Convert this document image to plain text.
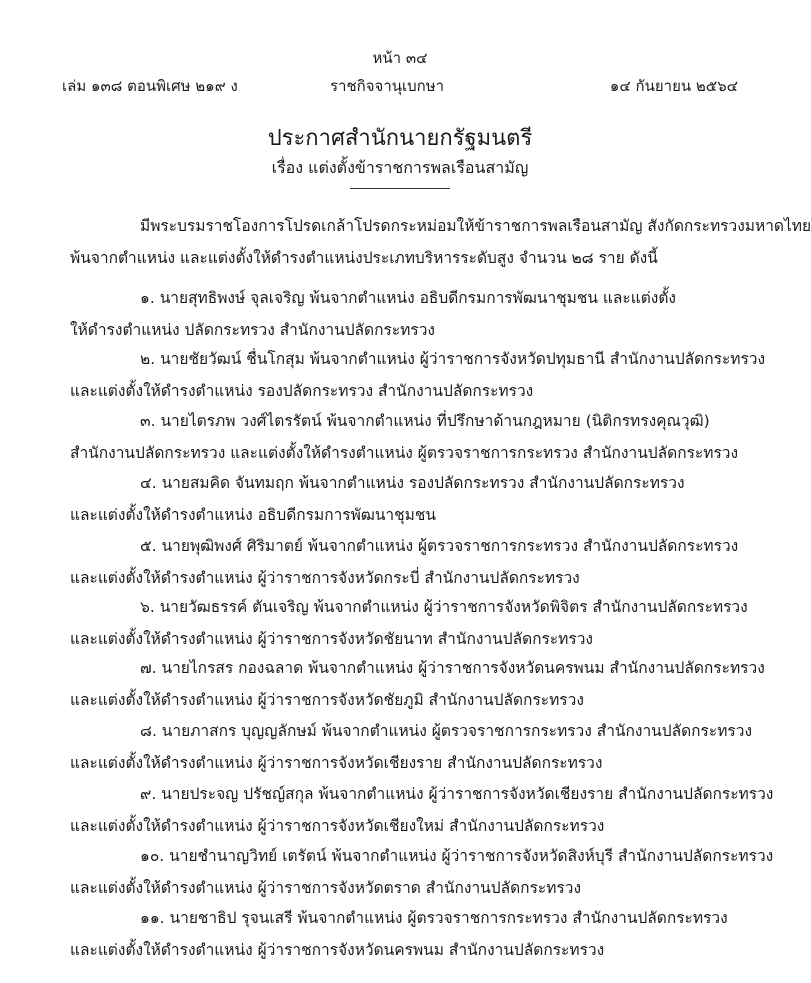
หน้า ๓๔
เล่ม ๑๓๘ ตอนพิเศษ ๒๑๙ ง	ราชกิจจานุเบกษา	๑๔ กันยายน ๒๕๖๔
ประกาศสำนักนายกรัฐมนตรี
เรื่อง แต่งตั้งข้าราชการพลเรือนสามัญ
มีพระบรมราชโองการโปรดเกล้าโปรดกระหม่อมให้ข้าราชการพลเรือนสามัญ สังกัดกระทรวงมหาดไทย
พ้นจากตำแหน่ง และแต่งตั้งให้ดำรงตำแหน่งประเภทบริหารระดับสูง จำนวน ๒๘ ราย ดังนี้
๑. นายสุทธิพงษ์ จุลเจริญ พ้นจากตำแหน่ง อธิบดีกรมการพัฒนาชุมชน และแต่งตั้ง
ให้ดำรงตำแหน่ง ปลัดกระทรวง สำนักงานปลัดกระทรวง
๒. นายชัยวัฒน์ ชื่นโกสุม พ้นจากตำแหน่ง ผู้ว่าราชการจังหวัดปทุมธานี สำนักงานปลัดกระทรวง
และแต่งตั้งให้ดำรงตำแหน่ง รองปลัดกระทรวง สำนักงานปลัดกระทรวง
๓. นายไตรภพ วงศ์ไตรรัตน์ พ้นจากตำแหน่ง ที่ปรึกษาด้านกฎหมาย (นิติกรทรงคุณวุฒิ)
สำนักงานปลัดกระทรวง และแต่งตั้งให้ดำรงตำแหน่ง ผู้ตรวจราชการกระทรวง สำนักงานปลัดกระทรวง
๔. นายสมคิด จันทมฤก พ้นจากตำแหน่ง รองปลัดกระทรวง สำนักงานปลัดกระทรวง
และแต่งตั้งให้ดำรงตำแหน่ง อธิบดีกรมการพัฒนาชุมชน
๕. นายพุฒิพงศ์ ศิริมาตย์ พ้นจากตำแหน่ง ผู้ตรวจราชการกระทรวง สำนักงานปลัดกระทรวง
และแต่งตั้งให้ดำรงตำแหน่ง ผู้ว่าราชการจังหวัดกระบี่ สำนักงานปลัดกระทรวง
๖. นายวัฒธรรค์ ตันเจริญ พ้นจากตำแหน่ง ผู้ว่าราชการจังหวัดพิจิตร สำนักงานปลัดกระทรวง
และแต่งตั้งให้ดำรงตำแหน่ง ผู้ว่าราชการจังหวัดชัยนาท สำนักงานปลัดกระทรวง
๗. นายไกรสร กองฉลาด พ้นจากตำแหน่ง ผู้ว่าราชการจังหวัดนครพนม สำนักงานปลัดกระทรวง
และแต่งตั้งให้ดำรงตำแหน่ง ผู้ว่าราชการจังหวัดชัยภูมิ สำนักงานปลัดกระทรวง
๘. นายภาสกร บุญญลักษม์ พ้นจากตำแหน่ง ผู้ตรวจราชการกระทรวง สำนักงานปลัดกระทรวง
และแต่งตั้งให้ดำรงตำแหน่ง ผู้ว่าราชการจังหวัดเชียงราย สำนักงานปลัดกระทรวง
๙. นายประจญ ปรัชญ์สกุล พ้นจากตำแหน่ง ผู้ว่าราชการจังหวัดเชียงราย สำนักงานปลัดกระทรวง
และแต่งตั้งให้ดำรงตำแหน่ง ผู้ว่าราชการจังหวัดเชียงใหม่ สำนักงานปลัดกระทรวง
๑๐. นายชำนาญวิทย์ เตรัตน์ พ้นจากตำแหน่ง ผู้ว่าราชการจังหวัดสิงห์บุรี สำนักงานปลัดกระทรวง
และแต่งตั้งให้ดำรงตำแหน่ง ผู้ว่าราชการจังหวัดตราด สำนักงานปลัดกระทรวง
๑๑. นายชาธิป รุจนเสรี พ้นจากตำแหน่ง ผู้ตรวจราชการกระทรวง สำนักงานปลัดกระทรวง
และแต่งตั้งให้ดำรงตำแหน่ง ผู้ว่าราชการจังหวัดนครพนม สำนักงานปลัดกระทรวง
